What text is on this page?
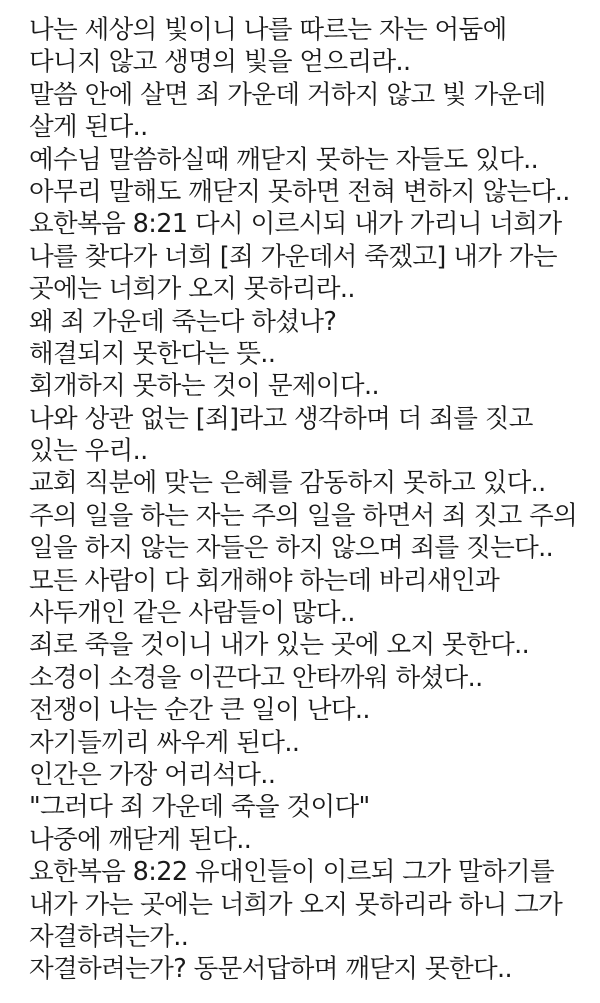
나는 세상의 빛이니 나를 따르는 자는 어둠에
다니지 않고 생명의 빛을 얻으리라..
말씀 안에 살면 죄 가운데 거하지 않고 빛 가운데
살게 된다..
예수님 말씀하실때 깨닫지 못하는 자들도 있다..
아무리 말해도 깨닫지 못하면 전혀 변하지 않는다..
요한복음 8:21 다시 이르시되 내가 가리니 너희가
나를 찾다가 너희 [죄 가운데서 죽겠고] 내가 가는
곳에는 너희가 오지 못하리라..
왜 죄 가운데 죽는다 하셨나?
해결되지 못한다는 뜻..
회개하지 못하는 것이 문제이다..
나와 상관 없는 [죄]라고 생각하며 더 죄를 짓고
있는 우리..
교회 직분에 맞는 은혜를 감동하지 못하고 있다..
주의 일을 하는 자는 주의 일을 하면서 죄 짓고 주의
일을 하지 않는 자들은 하지 않으며 죄를 짓는다..
모든 사람이 다 회개해야 하는데 바리새인과
사두개인 같은 사람들이 많다..
죄로 죽을 것이니 내가 있는 곳에 오지 못한다..
소경이 소경을 이끈다고 안타까워 하셨다..
전쟁이 나는 순간 큰 일이 난다..
자기들끼리 싸우게 된다..
인간은 가장 어리석다..
"그러다 죄 가운데 죽을 것이다"
나중에 깨닫게 된다..
요한복음 8:22 유대인들이 이르되 그가 말하기를
내가 가는 곳에는 너희가 오지 못하리라 하니 그가
자결하려는가..
자결하려는가? 동문서답하며 깨닫지 못한다..
